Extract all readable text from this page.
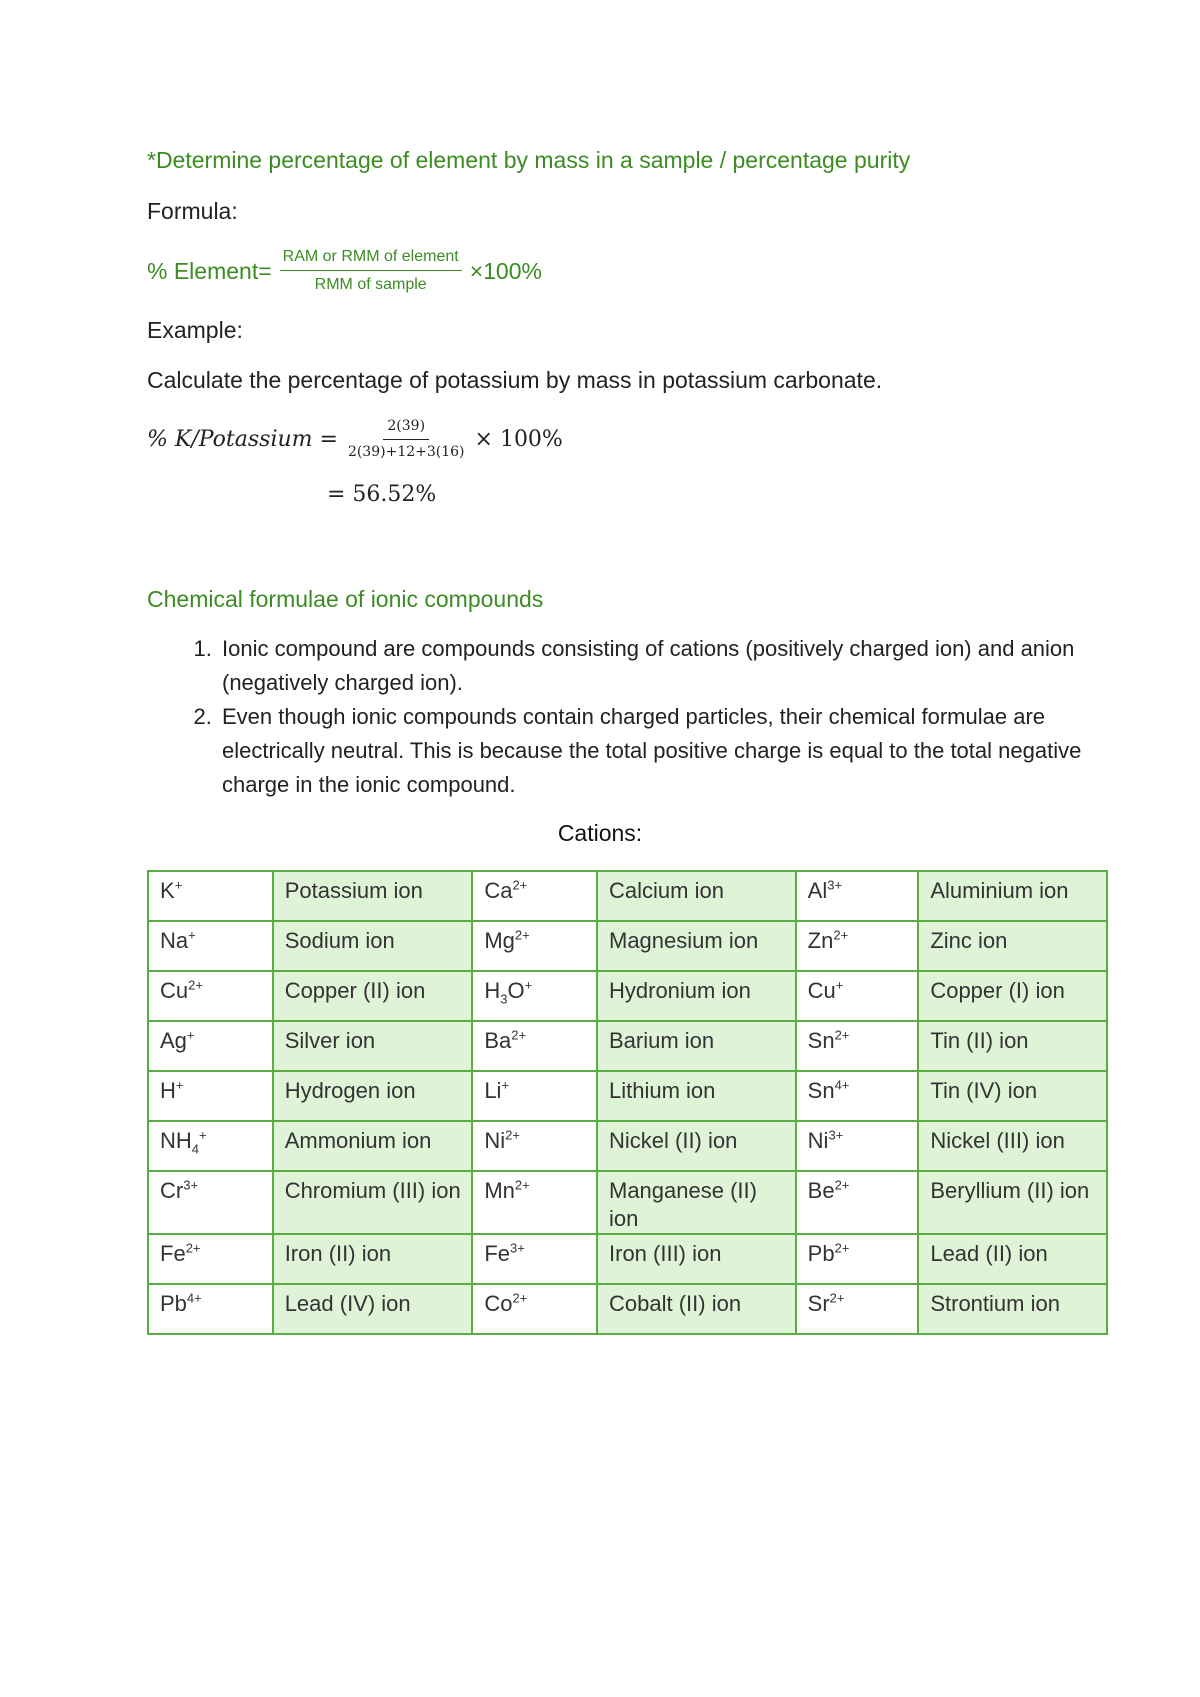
*Determine percentage of element by mass in a sample / percentage purity
Formula:
% Element= $\frac{\text{RAM or RMM of element}}{\text{RMM of sample}} \times 100\%$
Example:
Calculate the percentage of potassium by mass in potassium carbonate.
% K/Potassium = $\frac{2(39)}{2(39)+12+3(16)} \times 100\%$
= 56.52%
Chemical formulae of ionic compounds
1. Ionic compound are compounds consisting of cations (positively charged ion) and anion (negatively charged ion).
2. Even though ionic compounds contain charged particles, their chemical formulae are electrically neutral. This is because the total positive charge is equal to the total negative charge in the ionic compound.
Cations:
K+	Potassium ion	$Ca^{2+}$	Calcium ion	$Al^{3+}$	Aluminium ion
Na+	Sodium ion	$Mg^{2+}$	Magnesium ion	$Zn^{2+}$	Zinc ion
$Cu^{2+}$	Copper (II) ion	$H_3O^+$	Hydronium ion	Cu+	Copper (I) ion
Ag+	Silver ion	$Ba^{2+}$	Barium ion	$Sn^{2+}$	Tin (II) ion
H+	Hydrogen ion	Li+	Lithium ion	$Sn^{4+}$	Tin (IV) ion
$NH_4^+$	Ammonium ion	$Ni^{2+}$	Nickel (II) ion	$Ni^{3+}$	Nickel (III) ion
$Cr^{3+}$	Chromium (III) ion	$Mn^{2+}$	Manganese (II) ion	$Be^{2+}$	Beryllium (II) ion
$Fe^{2+}$	Iron (II) ion	$Fe^{3+}$	Iron (III) ion	$Pb^{2+}$	Lead (II) ion
$Pb^{4+}$	Lead (IV) ion	$Co^{2+}$	Cobalt (II) ion	$Sr^{2+}$	Strontium ion
